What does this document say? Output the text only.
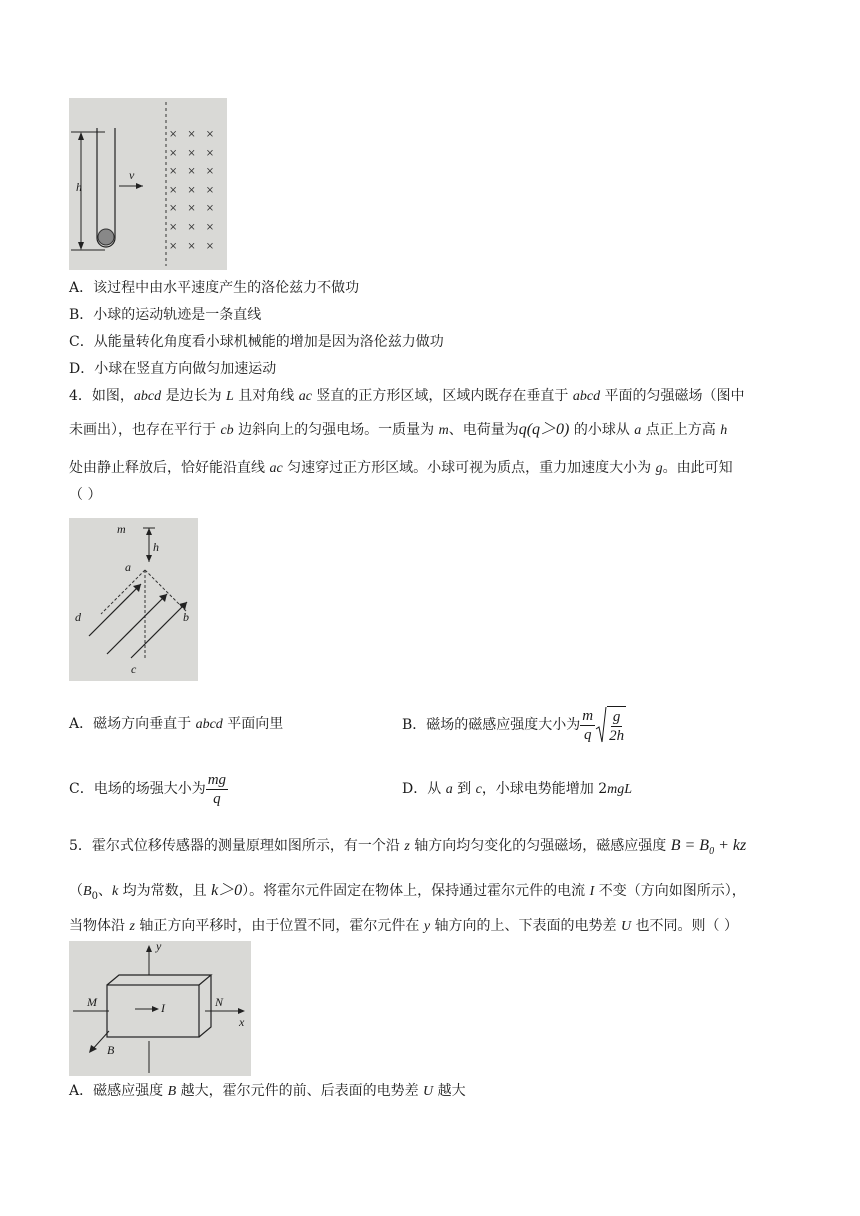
h
v
×××
×××
×××
×××
×××
×××
×××
A．该过程中由水平速度产生的洛伦兹力不做功
B．小球的运动轨迹是一条直线
C．从能量转化角度看小球机械能的增加是因为洛伦兹力做功
D．小球在竖直方向做匀加速运动
4．如图，abcd 是边长为 L 且对角线 ac 竖直的正方形区域，区域内既存在垂直于 abcd 平面的匀强磁场（图中
未画出），也存在平行于 cb 边斜向上的匀强电场。一质量为 m、电荷量为q(q＞0) 的小球从 a 点正上方高 h
处由静止释放后，恰好能沿直线 ac 匀速穿过正方形区域。小球可视为质点，重力加速度大小为 g。由此可知
（ ）
m
h
a
b
d
c
A．磁场方向垂直于 abcd 平面向里	B．磁场的磁感应强度大小为 $\frac{m}{q} \frac{g}{2h}$
C．电场的场强大小为 $\frac{mg}{q}$	D．从 a 到 c，小球电势能增加 2mgL
5．霍尔式位移传感器的测量原理如图所示，有一个沿 z 轴方向均匀变化的匀强磁场，磁感应强度 $B = B_0$ + kz
（$B_0$、k 均为常数，且 k＞0）。将霍尔元件固定在物体上，保持通过霍尔元件的电流 I 不变（方向如图所示），
当物体沿 z 轴正方向平移时，由于位置不同，霍尔元件在 y 轴方向的上、下表面的电势差 U 也不同。则（ ）
y
x
M	N
I
B
A．磁感应强度 B 越大，霍尔元件的前、后表面的电势差 U 越大
